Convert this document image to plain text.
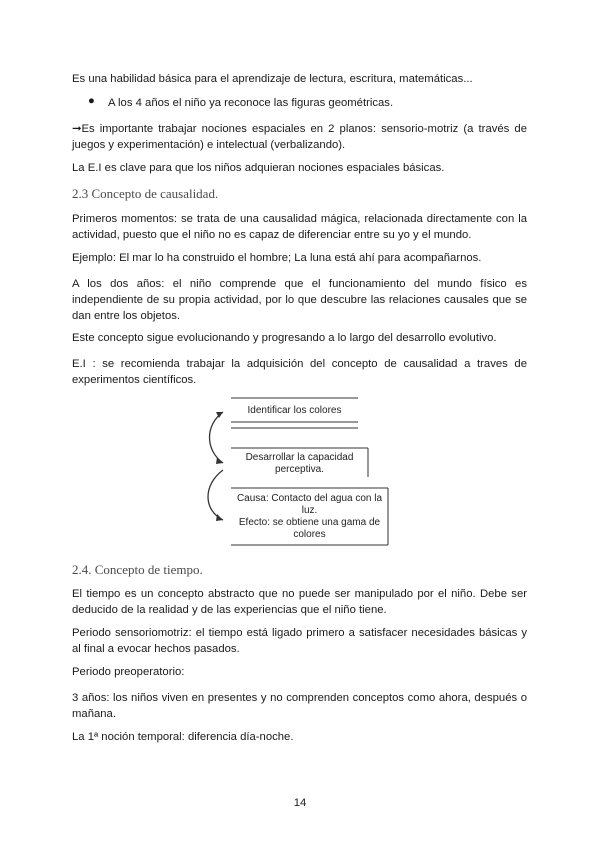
Es una habilidad básica para el aprendizaje de lectura, escritura, matemáticas...

● A los 4 años el niño ya reconoce las figuras geométricas.

➞Es importante trabajar nociones espaciales en 2 planos: sensorio-motriz (a través de juegos y experimentación) e intelectual (verbalizando).

La E.I es clave para que los niños adquieran nociones espaciales básicas.

2.3 Concepto de causalidad.

Primeros momentos: se trata de una causalidad mágica, relacionada directamente con la actividad, puesto que el niño no es capaz de diferenciar entre su yo y el mundo.

Ejemplo: El mar lo ha construido el hombre; La luna está ahí para acompañarnos.

A los dos años: el niño comprende que el funcionamiento del mundo físico es independiente de su propia actividad, por lo que descubre las relaciones causales que se dan entre los objetos.

Este concepto sigue evolucionando y progresando a lo largo del desarrollo evolutivo.

E.I : se recomienda trabajar la adquisición del concepto de causalidad a traves de experimentos científicos.

Identificar los colores
Desarrollar la capacidad
perceptiva.
Causa: Contacto del agua con la
luz.
Efecto: se obtiene una gama de
colores

2.4. Concepto de tiempo.

El tiempo es un concepto abstracto que no puede ser manipulado por el niño. Debe ser deducido de la realidad y de las experiencias que el niño tiene.

Periodo sensoriomotriz: el tiempo está ligado primero a satisfacer necesidades básicas y al final a evocar hechos pasados.

Periodo preoperatorio:

3 años: los niños viven en presentes y no comprenden conceptos como ahora, después o mañana.

La 1ª noción temporal: diferencia día-noche.

14
